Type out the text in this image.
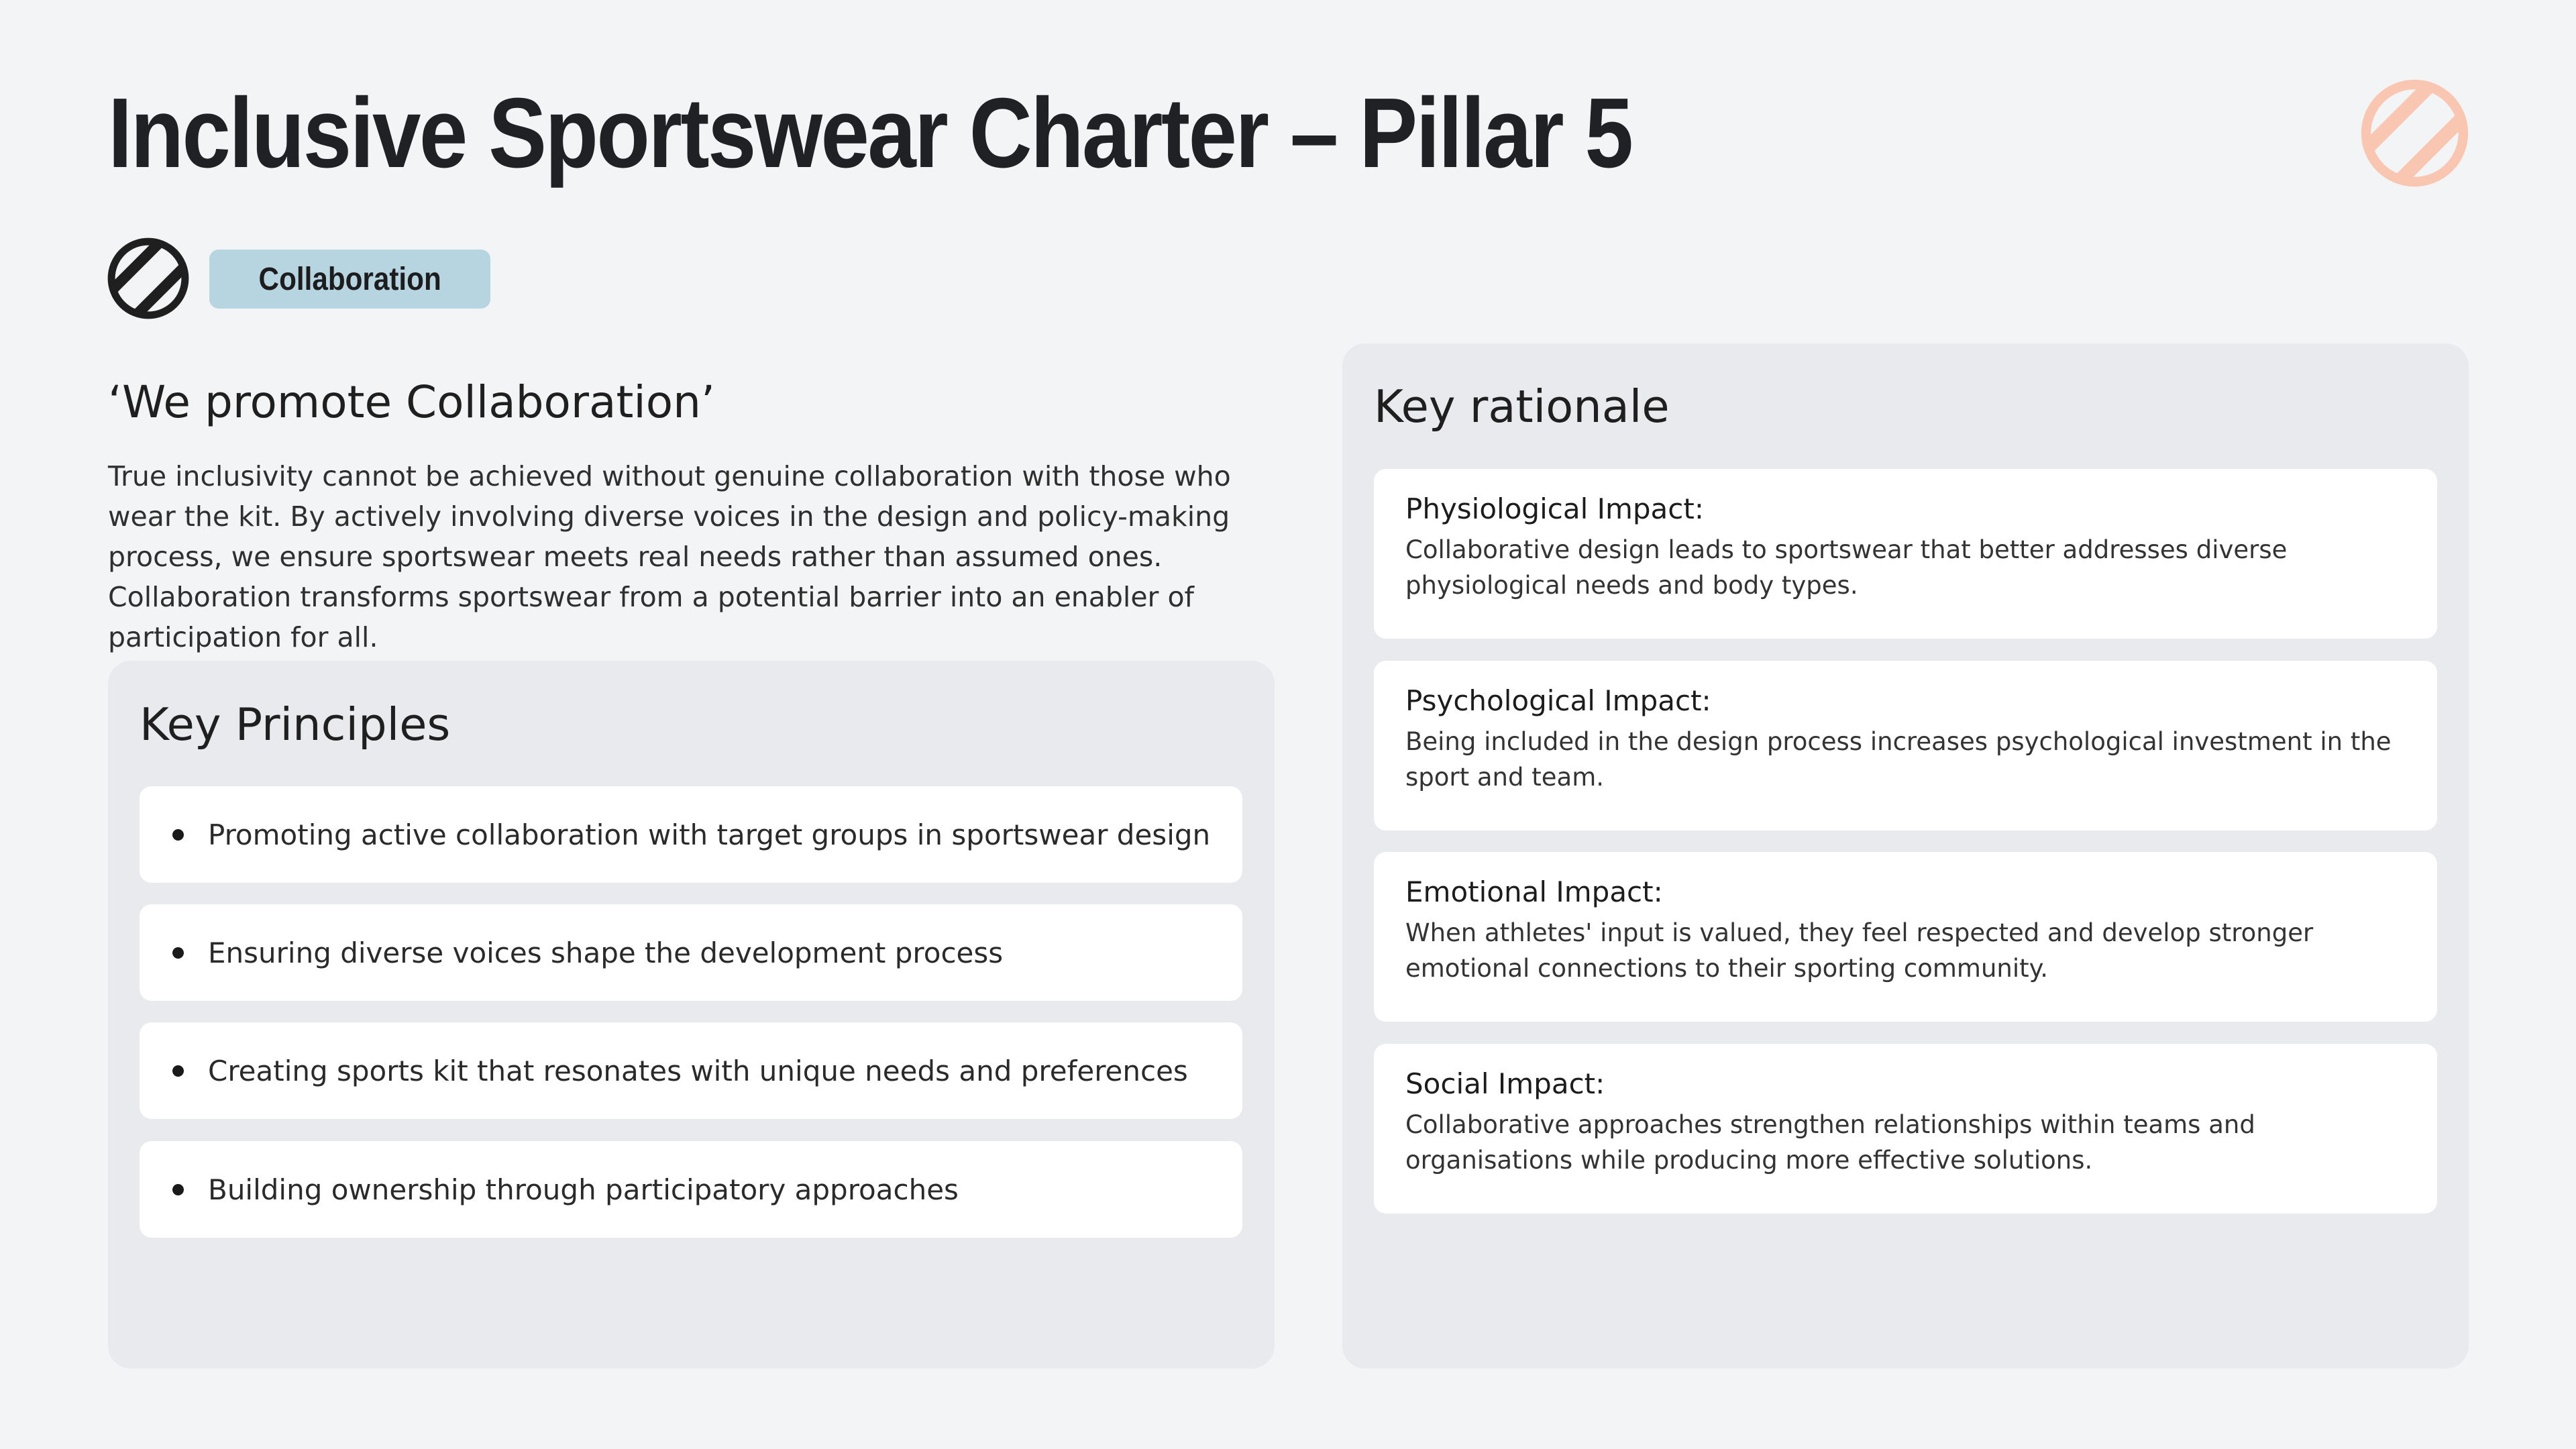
Inclusive Sportswear Charter – Pillar 5
Collaboration
‘We promote Collaboration’

True inclusivity cannot be achieved without genuine collaboration with those who wear the kit. By actively involving diverse voices in the design and policy-making process, we ensure sportswear meets real needs rather than assumed ones. Collaboration transforms sportswear from a potential barrier into an enabler of participation for all.

Key Principles
Promoting active collaboration with target groups in sportswear design
Ensuring diverse voices shape the development process
Creating sports kit that resonates with unique needs and preferences
Building ownership through participatory approaches
Key rationale
Physiological Impact:

Collaborative design leads to sportswear that better addresses diverse physiological needs and body types.

Psychological Impact:

Being included in the design process increases psychological investment in the sport and team.

Emotional Impact:

When athletes' input is valued, they feel respected and develop stronger emotional connections to their sporting community.

Social Impact:

Collaborative approaches strengthen relationships within teams and organisations while producing more effective solutions.
